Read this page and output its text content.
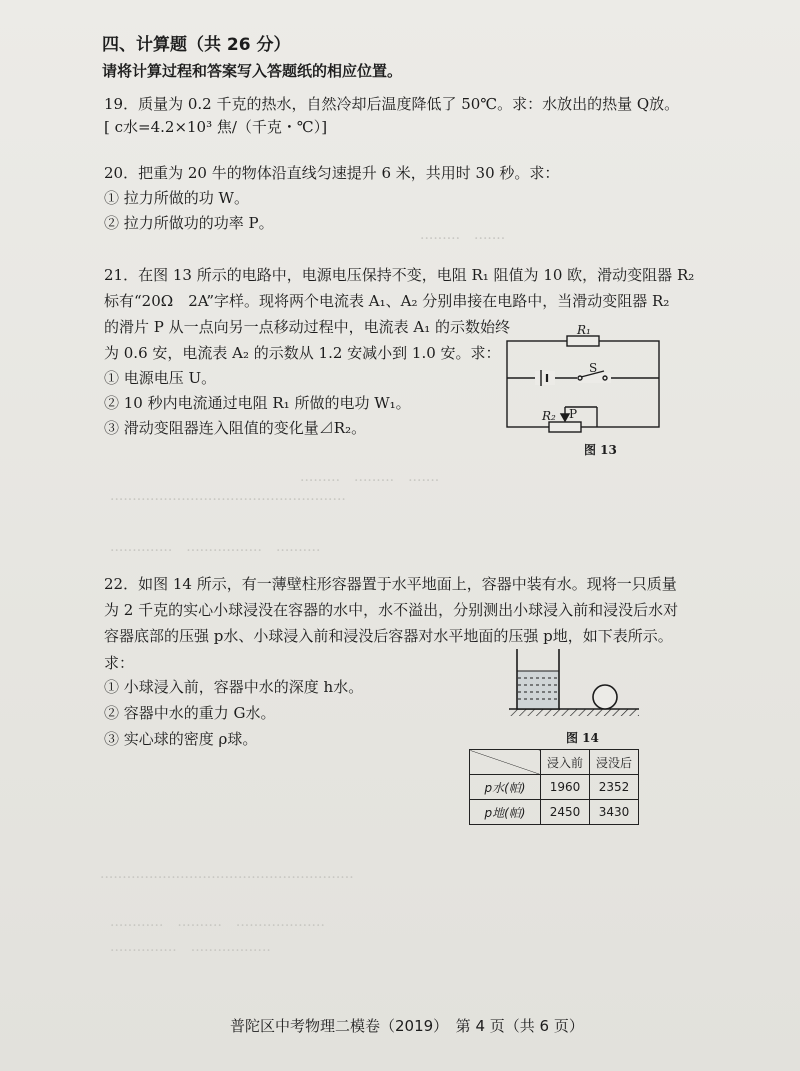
·········　·······
·········　·········　·······
·····················································
··············　·················　··········
·························································
············　··········　····················
···············　··················
四、计算题（共 26 分）
请将计算过程和答案写入答题纸的相应位置。
19．质量为 0.2 千克的热水，自然冷却后温度降低了 50℃。求：水放出的热量 Q放。
[ c水=4.2×10³ 焦/（千克・℃）]
20．把重为 20 牛的物体沿直线匀速提升 6 米，共用时 30 秒。求：
① 拉力所做的功 W。
② 拉力所做功的功率 P。
21．在图 13 所示的电路中，电源电压保持不变，电阻 R₁ 阻值为 10 欧，滑动变阻器 R₂
标有“20Ω　2A”字样。现将两个电流表 A₁、A₂ 分别串接在电路中，当滑动变阻器 R₂
的滑片 P 从一点向另一点移动过程中，电流表 A₁ 的示数始终
为 0.6 安，电流表 A₂ 的示数从 1.2 安减小到 1.0 安。求：
① 电源电压 U。
② 10 秒内电流通过电阻 R₁ 所做的电功 W₁。
③ 滑动变阻器连入阻值的变化量⊿R₂。
R₁
S
R₂ P
图 13
22．如图 14 所示，有一薄壁柱形容器置于水平地面上，容器中装有水。现将一只质量
为 2 千克的实心小球浸没在容器的水中，水不溢出，分别测出小球浸入前和浸没后水对
容器底部的压强 p水、小球浸入前和浸没后容器对水平地面的压强 p地，如下表所示。
求：
① 小球浸入前，容器中水的深度 h水。
② 容器中水的重力 G水。
③ 实心球的密度 ρ球。	图 14
	浸入前	浸没后
p水(帕)	1960	2352
p地(帕)	2450	3430
普陀区中考物理二模卷（2019）　第 4 页（共 6 页）
